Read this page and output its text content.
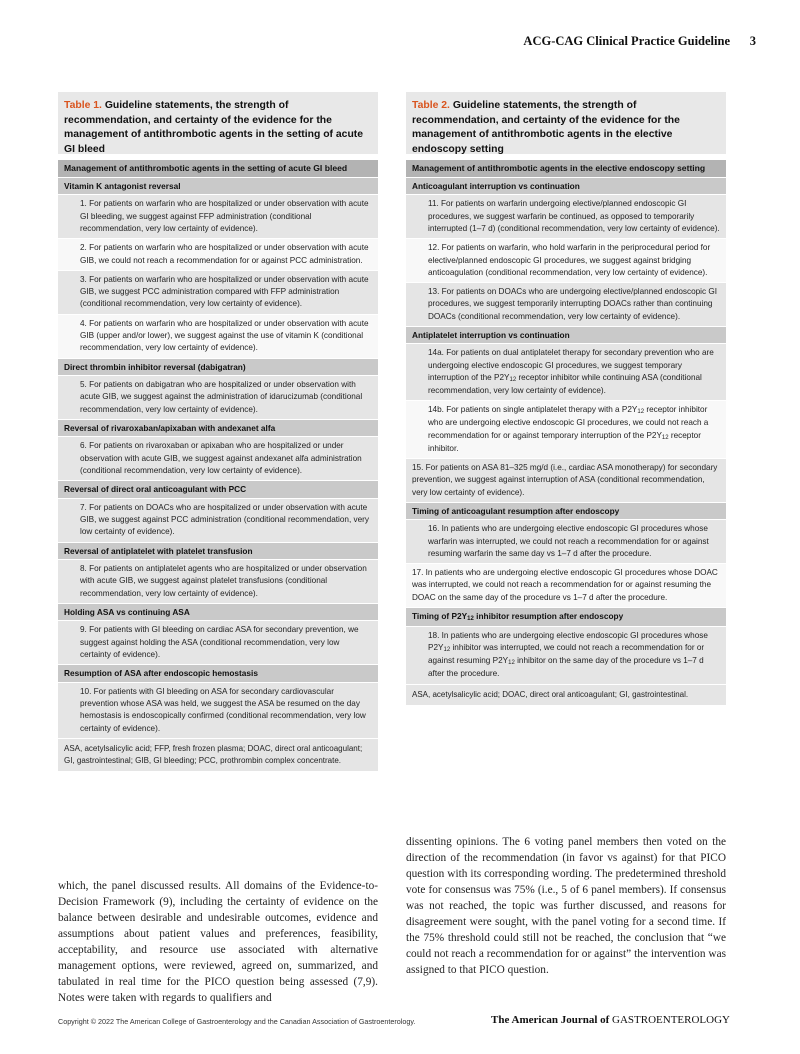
ACG-CAG Clinical Practice Guideline 3
Table 1. Guideline statements, the strength of recommendation, and certainty of the evidence for the management of antithrombotic agents in the setting of acute GI bleed
Management of antithrombotic agents in the setting of acute GI bleed
Vitamin K antagonist reversal
1. For patients on warfarin who are hospitalized or under observation with acute GI bleeding, we suggest against FFP administration (conditional recommendation, very low certainty of evidence).
2. For patients on warfarin who are hospitalized or under observation with acute GIB, we could not reach a recommendation for or against PCC administration.
3. For patients on warfarin who are hospitalized or under observation with acute GIB, we suggest PCC administration compared with FFP administration (conditional recommendation, very low certainty of evidence).
4. For patients on warfarin who are hospitalized or under observation with acute GIB (upper and/or lower), we suggest against the use of vitamin K (conditional recommendation, very low certainty of evidence).
Direct thrombin inhibitor reversal (dabigatran)
5. For patients on dabigatran who are hospitalized or under observation with acute GIB, we suggest against the administration of idarucizumab (conditional recommendation, very low certainty of evidence).
Reversal of rivaroxaban/apixaban with andexanet alfa
6. For patients on rivaroxaban or apixaban who are hospitalized or under observation with acute GIB, we suggest against andexanet alfa administration (conditional recommendation, very low certainty of evidence).
Reversal of direct oral anticoagulant with PCC
7. For patients on DOACs who are hospitalized or under observation with acute GIB, we suggest against PCC administration (conditional recommendation, very low certainty of evidence).
Reversal of antiplatelet with platelet transfusion
8. For patients on antiplatelet agents who are hospitalized or under observation with acute GIB, we suggest against platelet transfusions (conditional recommendation, very low certainty of evidence).
Holding ASA vs continuing ASA
9. For patients with GI bleeding on cardiac ASA for secondary prevention, we suggest against holding the ASA (conditional recommendation, very low certainty of evidence).
Resumption of ASA after endoscopic hemostasis
10. For patients with GI bleeding on ASA for secondary cardiovascular prevention whose ASA was held, we suggest the ASA be resumed on the day hemostasis is endoscopically confirmed (conditional recommendation, very low certainty of evidence).
ASA, acetylsalicylic acid; FFP, fresh frozen plasma; DOAC, direct oral anticoagulant; GI, gastrointestinal; GIB, GI bleeding; PCC, prothrombin complex concentrate.
Table 2. Guideline statements, the strength of recommendation, and certainty of the evidence for the management of antithrombotic agents in the elective endoscopy setting
Management of antithrombotic agents in the elective endoscopy setting
Anticoagulant interruption vs continuation
11. For patients on warfarin undergoing elective/planned endoscopic GI procedures, we suggest warfarin be continued, as opposed to temporarily interrupted (1–7 d) (conditional recommendation, very low certainty of evidence).
12. For patients on warfarin, who hold warfarin in the periprocedural period for elective/planned endoscopic GI procedures, we suggest against bridging anticoagulation (conditional recommendation, very low certainty of evidence).
13. For patients on DOACs who are undergoing elective/planned endoscopic GI procedures, we suggest temporarily interrupting DOACs rather than continuing DOACs (conditional recommendation, very low certainty of evidence).
Antiplatelet interruption vs continuation
14a. For patients on dual antiplatelet therapy for secondary prevention who are undergoing elective endoscopic GI procedures, we suggest temporary interruption of the P2Y12 receptor inhibitor while continuing ASA (conditional recommendation, very low certainty of evidence).
14b. For patients on single antiplatelet therapy with a P2Y12 receptor inhibitor who are undergoing elective endoscopic GI procedures, we could not reach a recommendation for or against temporary interruption of the P2Y12 receptor inhibitor.
15. For patients on ASA 81–325 mg/d (i.e., cardiac ASA monotherapy) for secondary prevention, we suggest against interruption of ASA (conditional recommendation, very low certainty of evidence).
Timing of anticoagulant resumption after endoscopy
16. In patients who are undergoing elective endoscopic GI procedures whose warfarin was interrupted, we could not reach a recommendation for or against resuming warfarin the same day vs 1–7 d after the procedure.
17. In patients who are undergoing elective endoscopic GI procedures whose DOAC was interrupted, we could not reach a recommendation for or against resuming the DOAC on the same day of the procedure vs 1–7 d after the procedure.
Timing of P2Y12 inhibitor resumption after endoscopy
18. In patients who are undergoing elective endoscopic GI procedures whose P2Y12 inhibitor was interrupted, we could not reach a recommendation for or against resuming P2Y12 inhibitor on the same day of the procedure vs 1–7 d after the procedure.
ASA, acetylsalicylic acid; DOAC, direct oral anticoagulant; GI, gastrointestinal.

which, the panel discussed results. All domains of the Evidence-to-Decision Framework (9), including the certainty of evidence on the balance between desirable and undesirable outcomes, evidence and assumptions about patient values and preferences, feasibility, acceptability, and resource use associated with alternative management options, were reviewed, agreed on, summarized, and tabulated in real time for the PICO question being assessed (7,9). Notes were taken with regards to qualifiers and

dissenting opinions. The 6 voting panel members then voted on the direction of the recommendation (in favor vs against) for that PICO question with its corresponding wording. The predetermined threshold vote for consensus was 75% (i.e., 5 of 6 panel members). If consensus was not reached, the topic was further discussed, and reasons for disagreement were sought, with the panel voting for a second time. If the 75% threshold could still not be reached, the conclusion that “we could not reach a recommendation for or against” the intervention was assigned to that PICO question.

Copyright © 2022 The American College of Gastroenterology and the Canadian Association of Gastroenterology.	The American Journal of GASTROENTEROLOGY
